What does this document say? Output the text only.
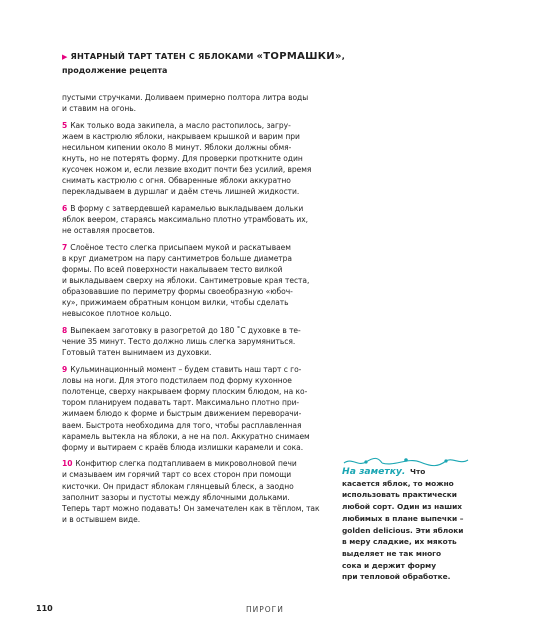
▶ ЯНТАРНЫЙ ТАРТ ТАТЕН С ЯБЛОКАМИ «ТОРМАШКИ»,
продолжение рецепта
пустыми стручками. Доливаем примерно полтора литра воды
и ставим на огонь.
5 Как только вода закипела, а масло растопилось, загру-
жаем в кастрюлю яблоки, накрываем крышкой и варим при
несильном кипении около 8 минут. Яблоки должны обмя-
кнуть, но не потерять форму. Для проверки проткните один
кусочек ножом и, если лезвие входит почти без усилий, время
снимать кастрюлю с огня. Обваренные яблоки аккуратно
перекладываем в дуршлаг и даём стечь лишней жидкости.
6 В форму с затвердевшей карамелью выкладываем дольки
яблок веером, стараясь максимально плотно утрамбовать их,
не оставляя просветов.
7 Слоёное тесто слегка присыпаем мукой и раскатываем
в круг диаметром на пару сантиметров больше диаметра
формы. По всей поверхности накалываем тесто вилкой
и выкладываем сверху на яблоки. Сантиметровые края теста,
образовавшие по периметру формы своеобразную «юбоч-
ку», прижимаем обратным концом вилки, чтобы сделать
невысокое плотное кольцо.
8 Выпекаем заготовку в разогретой до 180 ˚С духовке в те-
чение 35 минут. Тесто должно лишь слегка зарумяниться.
Готовый татен вынимаем из духовки.
9 Кульминационный момент – будем ставить наш тарт с го-
ловы на ноги. Для этого подстилаем под форму кухонное
полотенце, сверху накрываем форму плоским блюдом, на ко-
тором планируем подавать тарт. Максимально плотно при-
жимаем блюдо к форме и быстрым движением переворачи-
ваем. Быстрота необходима для того, чтобы расплавленная
карамель вытекла на яблоки, а не на пол. Аккуратно снимаем
форму и вытираем с краёв блюда излишки карамели и сока.
10 Конфитюр слегка подтапливаем в микроволновой печи
и смазываем им горячий тарт со всех сторон при помощи
кисточки. Он придаст яблокам глянцевый блеск, а заодно
заполнит зазоры и пустоты между яблочными дольками.
Теперь тарт можно подавать! Он замечателен как в тёплом, так
и в остывшем виде.
На заметку. Что
касается яблок, то можно
использовать практически
любой сорт. Один из наших
любимых в плане выпечки –
golden delicious. Эти яблоки
в меру сладкие, их мякоть
выделяет не так много
сока и держит форму
при тепловой обработке.
110	ПИРОГИ
